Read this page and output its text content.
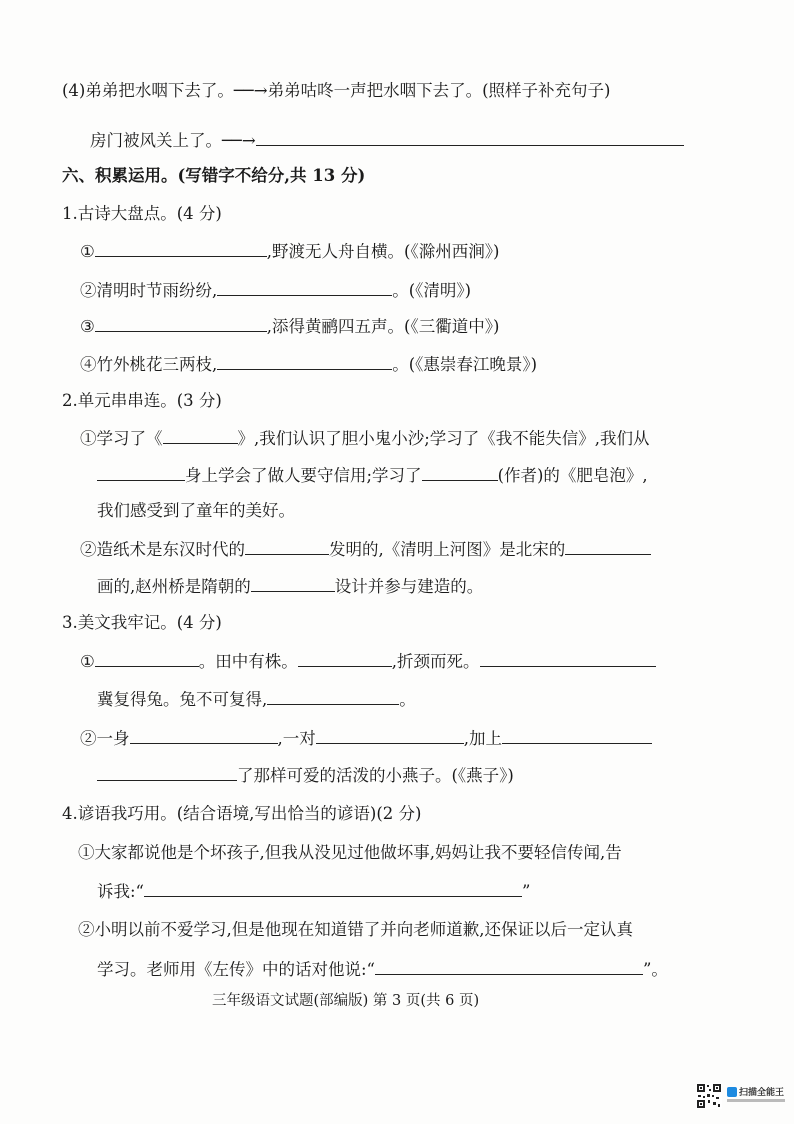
(4)弟弟把水咽下去了。──→弟弟咕咚一声把水咽下去了。(照样子补充句子)
房门被风关上了。──→
六、积累运用。(写错字不给分,共 13 分)
1.古诗大盘点。(4 分)
①	,野渡无人舟自横。(《滁州西涧》)
②清明时节雨纷纷,	。(《清明》)
③	,添得黄鹂四五声。(《三衢道中》)
④竹外桃花三两枝,	。(《惠崇春江晚景》)
2.单元串串连。(3 分)
①学习了《	》,我们认识了胆小鬼小沙;学习了《我不能失信》,我们从
身上学会了做人要守信用;学习了	(作者)的《肥皂泡》,
我们感受到了童年的美好。
②造纸术是东汉时代的	发明的,《清明上河图》是北宋的
画的,赵州桥是隋朝的	设计并参与建造的。
3.美文我牢记。(4 分)
①	。田中有株。	,折颈而死。
冀复得兔。兔不可复得,	。
②一身	,一对	,加上
了那样可爱的活泼的小燕子。(《燕子》)
4.谚语我巧用。(结合语境,写出恰当的谚语)(2 分)
①大家都说他是个坏孩子,但我从没见过他做坏事,妈妈让我不要轻信传闻,告
诉我:“	”
②小明以前不爱学习,但是他现在知道错了并向老师道歉,还保证以后一定认真
学习。老师用《左传》中的话对他说:“	”。
三年级语文试题(部编版) 第 3 页(共 6 页)
扫描全能王
